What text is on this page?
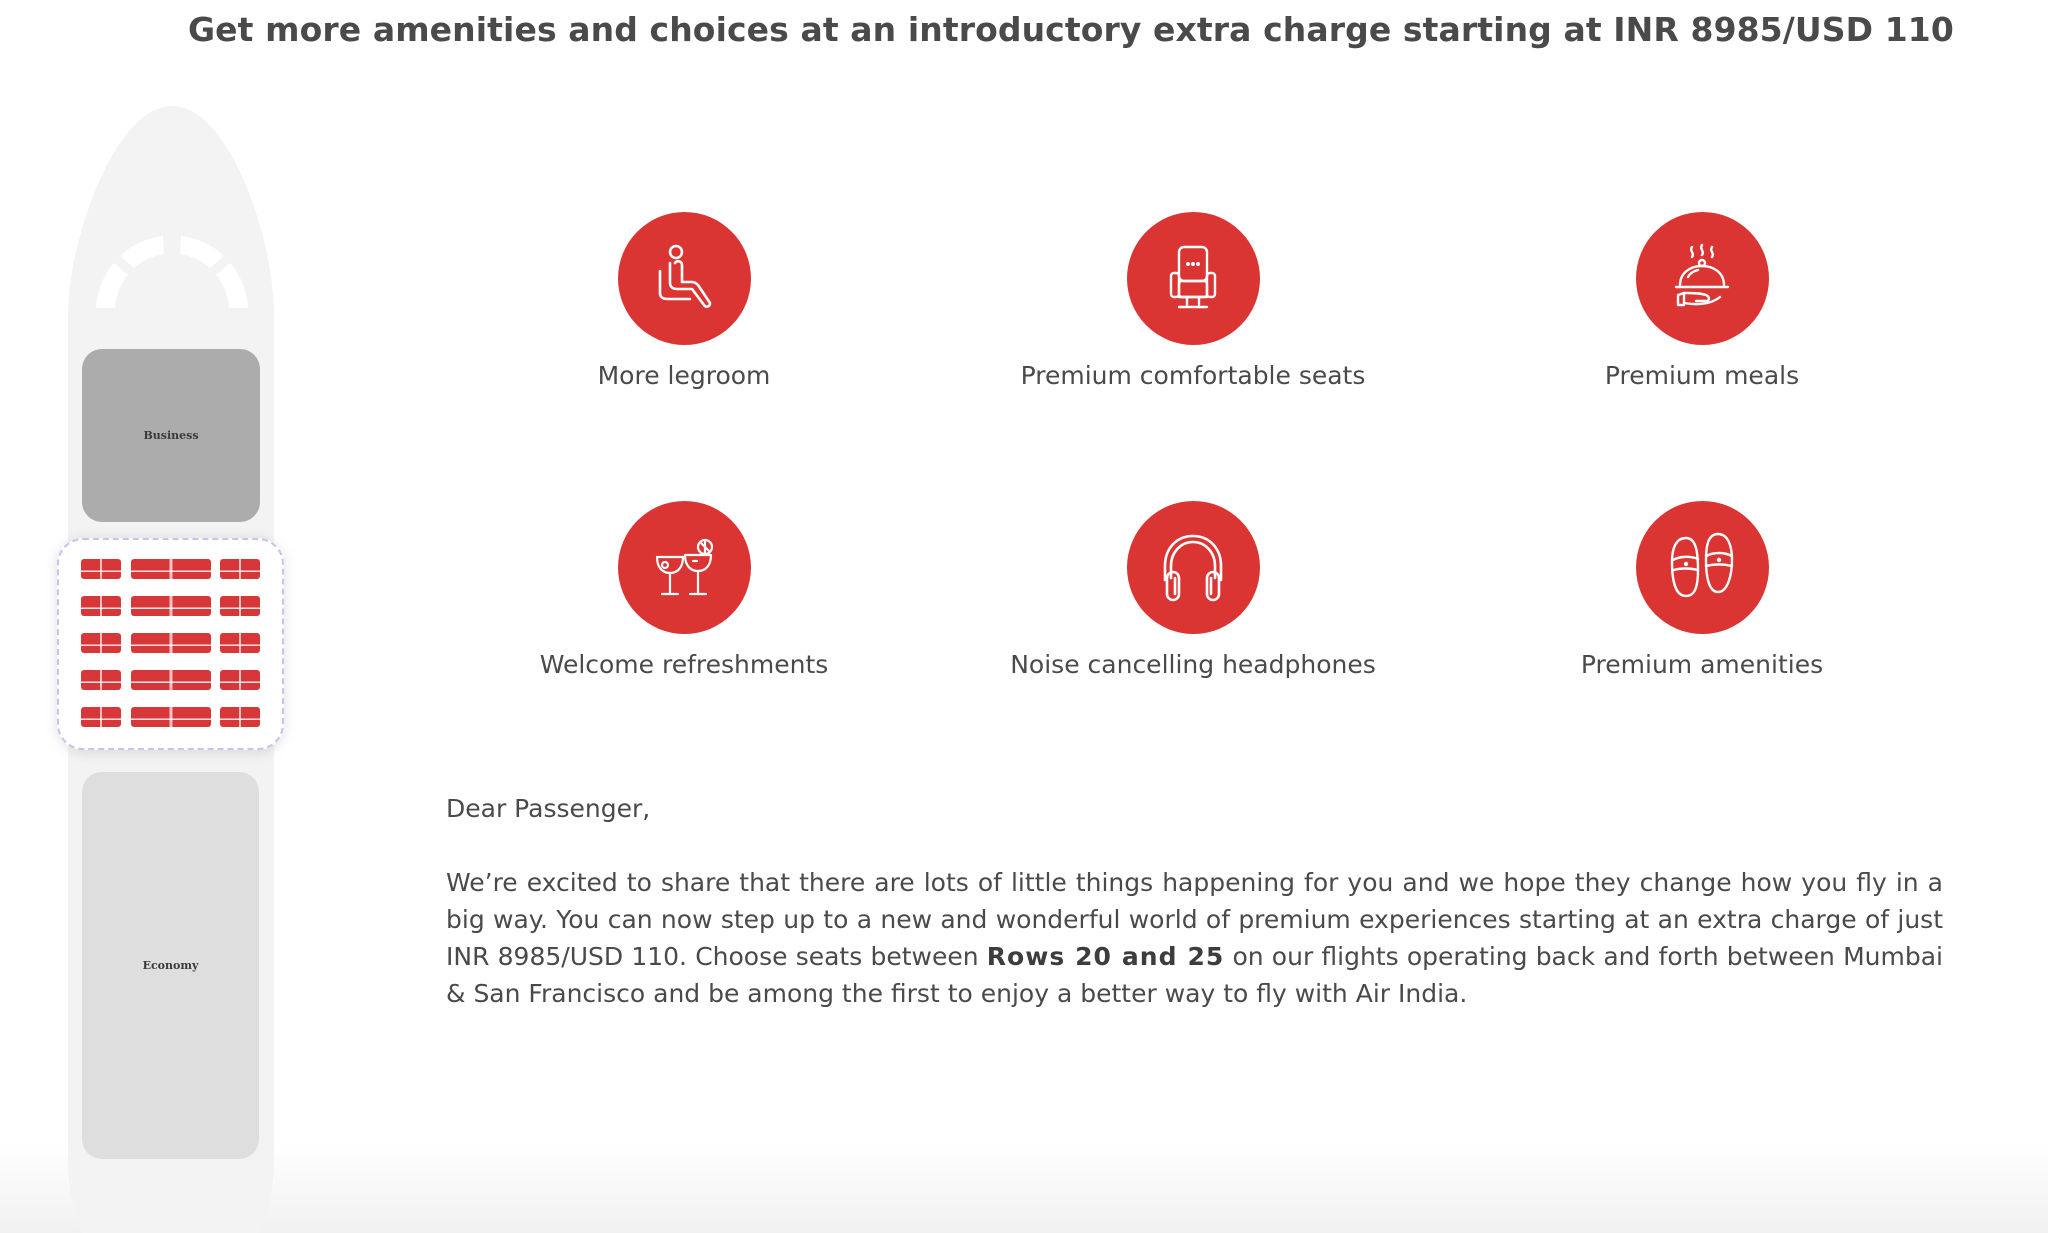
Get more amenities and choices at an introductory extra charge starting at INR 8985/USD 110
Business
Economy
More legroom	Premium comfortable seats	Premium meals
Welcome refreshments	Noise cancelling headphones	Premium amenities
Dear Passenger,

We’re excited to share that there are lots of little things happening for you and we hope they change how you fly in a big way. You can now step up to a new and wonderful world of premium experiences starting at an extra charge of just INR 8985/USD 110. Choose seats between Rows 20 and 25 on our flights operating back and forth between Mumbai & San Francisco and be among the first to enjoy a better way to fly with Air India.
